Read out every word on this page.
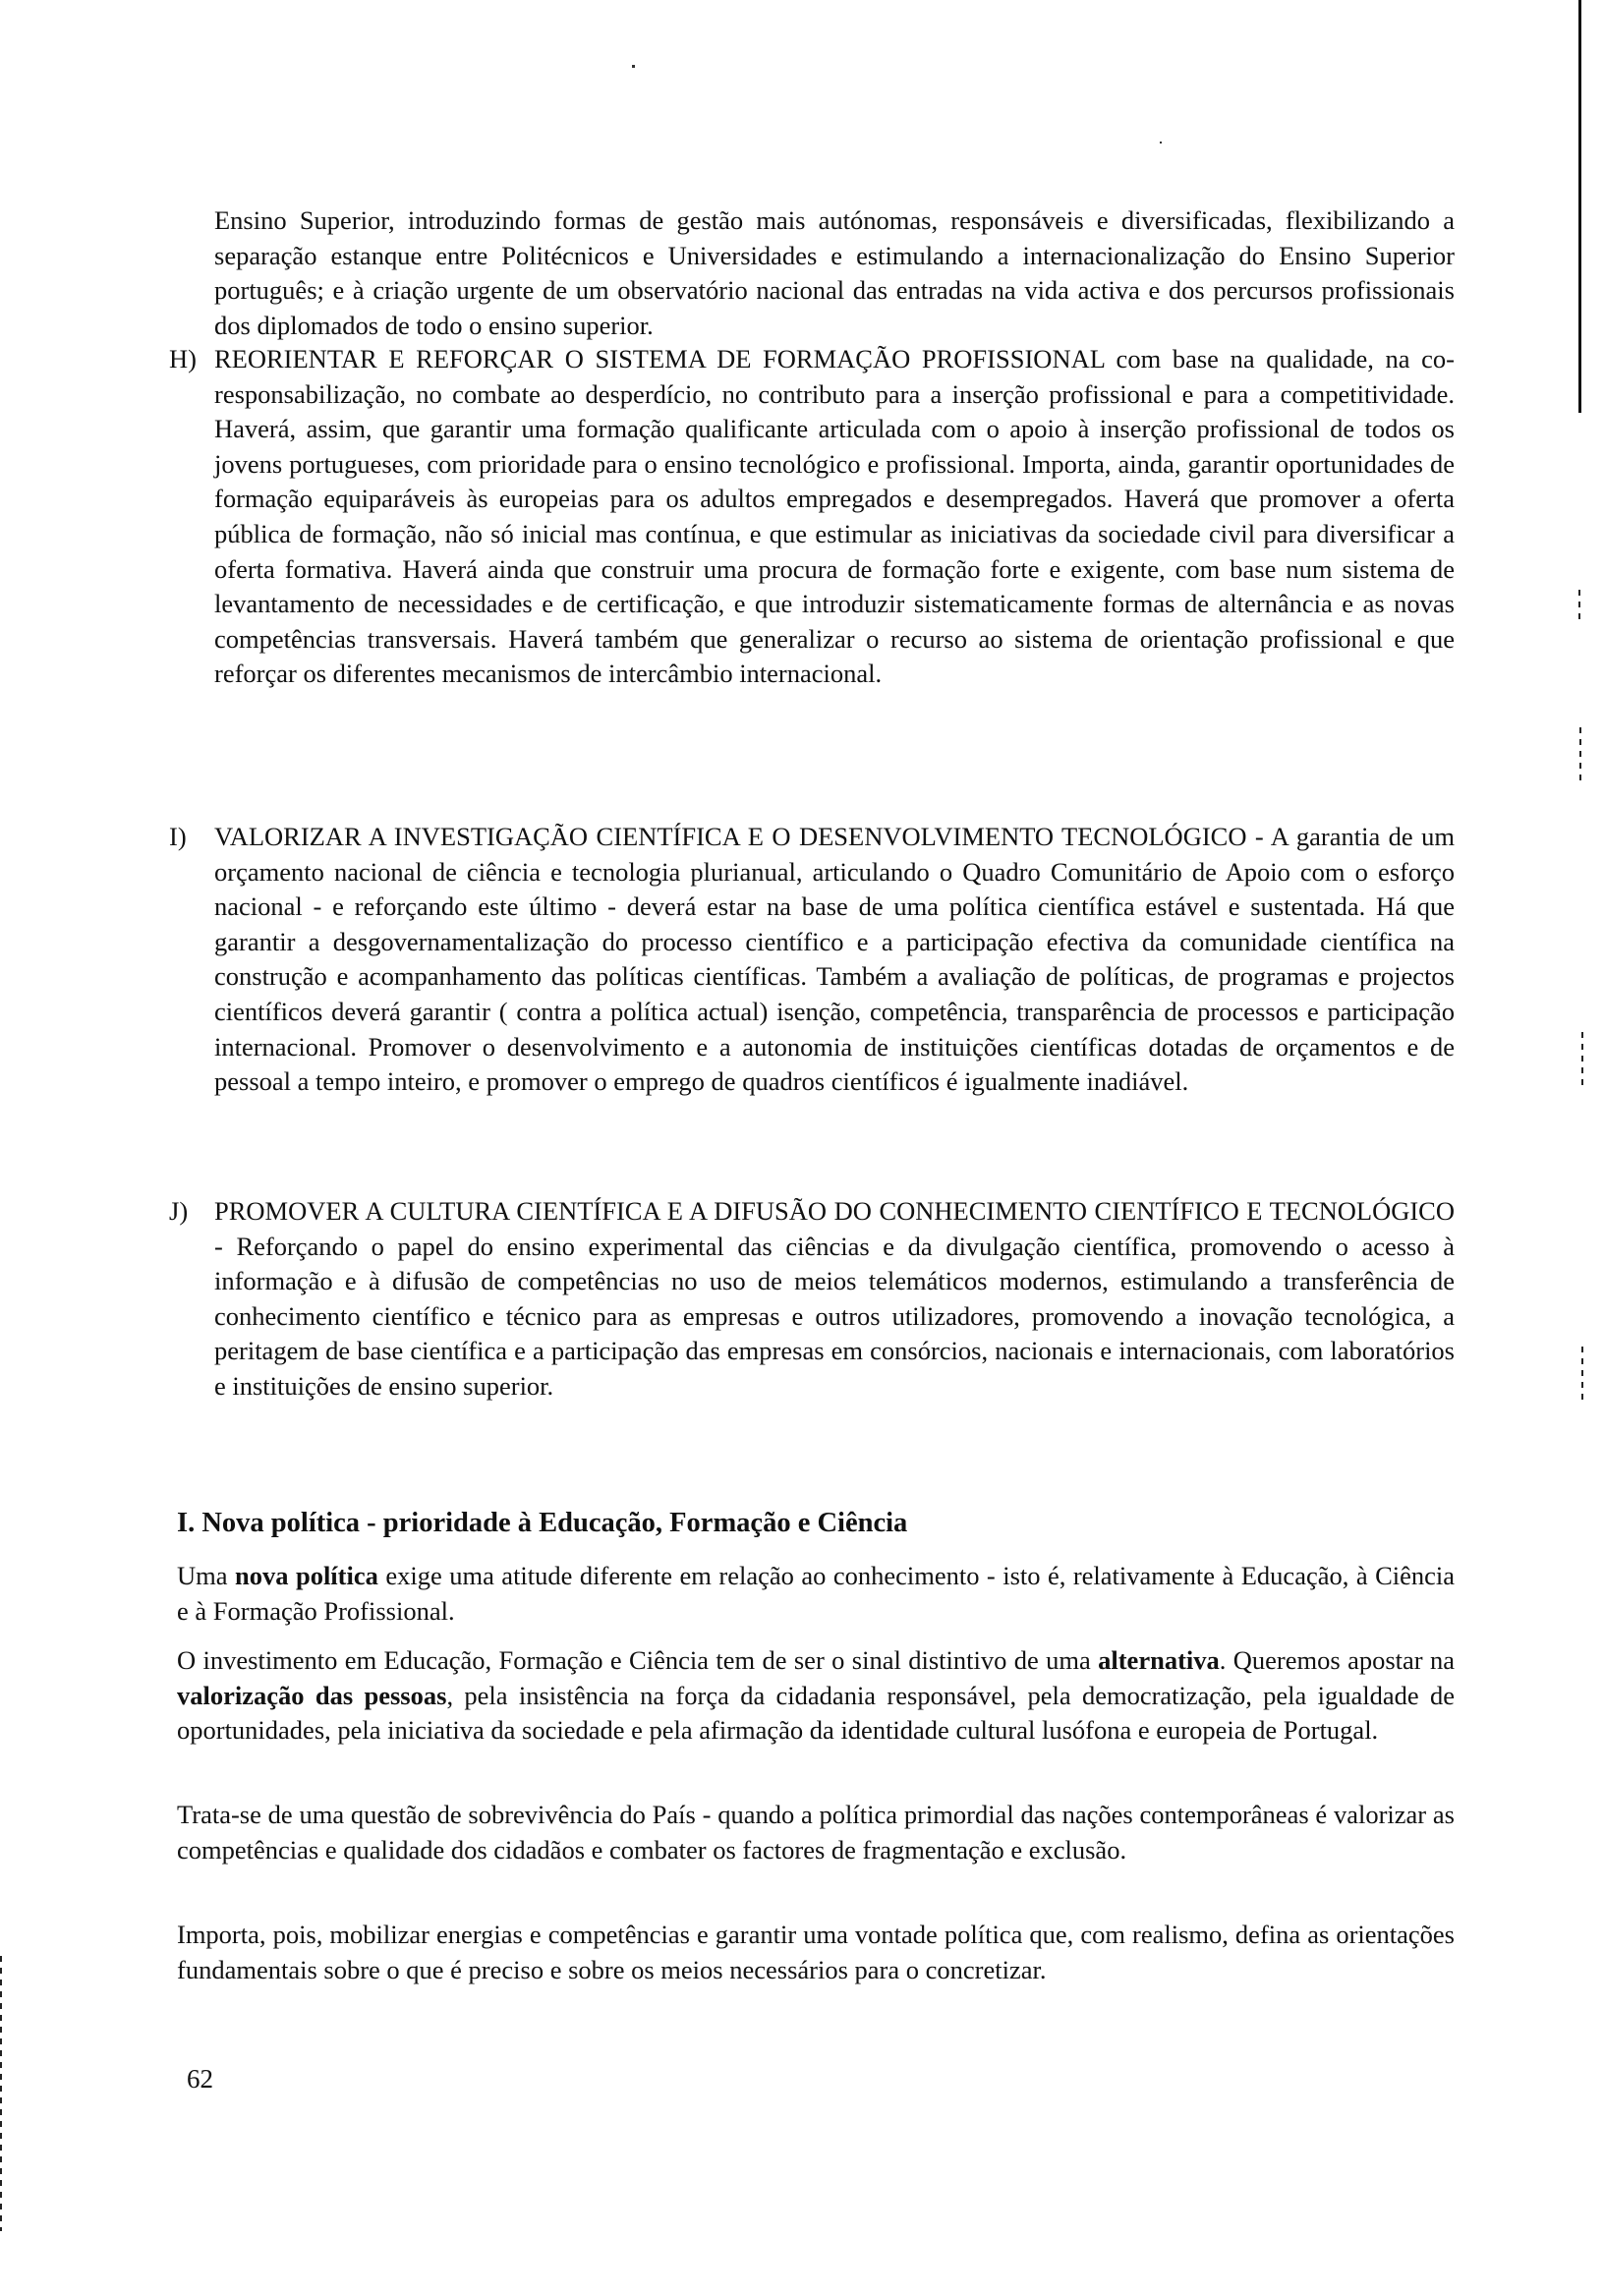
Ensino Superior, introduzindo formas de gestão mais autónomas, responsáveis e diversificadas, flexibilizando a separação estanque entre Politécnicos e Universidades e estimulando a internacionalização do Ensino Superior português; e à criação urgente de um observatório nacional das entradas na vida activa e dos percursos profissionais dos diplomados de todo o ensino superior.
H) REORIENTAR E REFORÇAR O SISTEMA DE FORMAÇÃO PROFISSIONAL com base na qualidade, na co-responsabilização, no combate ao desperdício, no contributo para a inserção profissional e para a competitividade. Haverá, assim, que garantir uma formação qualificante articulada com o apoio à inserção profissional de todos os jovens portugueses, com prioridade para o ensino tecnológico e profissional. Importa, ainda, garantir oportunidades de formação equiparáveis às europeias para os adultos empregados e desempregados. Haverá que promover a oferta pública de formação, não só inicial mas contínua, e que estimular as iniciativas da sociedade civil para diversificar a oferta formativa. Haverá ainda que construir uma procura de formação forte e exigente, com base num sistema de levantamento de necessidades e de certificação, e que introduzir sistematicamente formas de alternância e as novas competências transversais. Haverá também que generalizar o recurso ao sistema de orientação profissional e que reforçar os diferentes mecanismos de intercâmbio internacional.
I)	VALORIZAR A INVESTIGAÇÃO CIENTÍFICA E O DESENVOLVIMENTO TECNOLÓGICO - A garantia de um orçamento nacional de ciência e tecnologia plurianual, articulando o Quadro Comunitário de Apoio com o esforço nacional - e reforçando este último - deverá estar na base de uma política científica estável e sustentada. Há que garantir a desgovernamentalização do processo científico e a participação efectiva da comunidade científica na construção e acompanhamento das políticas científicas. Também a avaliação de políticas, de programas e projectos científicos deverá garantir ( contra a política actual) isenção, competência, transparência de processos e participação internacional. Promover o desenvolvimento e a autonomia de instituições científicas dotadas de orçamentos e de pessoal a tempo inteiro, e promover o emprego de quadros científicos é igualmente inadiável.
J)	PROMOVER A CULTURA CIENTÍFICA E A DIFUSÃO DO CONHECIMENTO CIENTÍFICO E TECNOLÓGICO - Reforçando o papel do ensino experimental das ciências e da divulgação científica, promovendo o acesso à informação e à difusão de competências no uso de meios telemáticos modernos, estimulando a transferência de conhecimento científico e técnico para as empresas e outros utilizadores, promovendo a inovação tecnológica, a peritagem de base científica e a participação das empresas em consórcios, nacionais e internacionais, com laboratórios e instituições de ensino superior.
I. Nova política - prioridade à Educação, Formação e Ciência
Uma nova política exige uma atitude diferente em relação ao conhecimento - isto é, relativamente à Educação, à Ciência e à Formação Profissional.
O investimento em Educação, Formação e Ciência tem de ser o sinal distintivo de uma alternativa. Queremos apostar na valorização das pessoas, pela insistência na força da cidadania responsável, pela democratização, pela igualdade de oportunidades, pela iniciativa da sociedade e pela afirmação da identidade cultural lusófona e europeia de Portugal.
Trata-se de uma questão de sobrevivência do País - quando a política primordial das nações contemporâneas é valorizar as competências e qualidade dos cidadãos e combater os factores de fragmentação e exclusão.
Importa, pois, mobilizar energias e competências e garantir uma vontade política que, com realismo, defina as orientações fundamentais sobre o que é preciso e sobre os meios necessários para o concretizar.
62
